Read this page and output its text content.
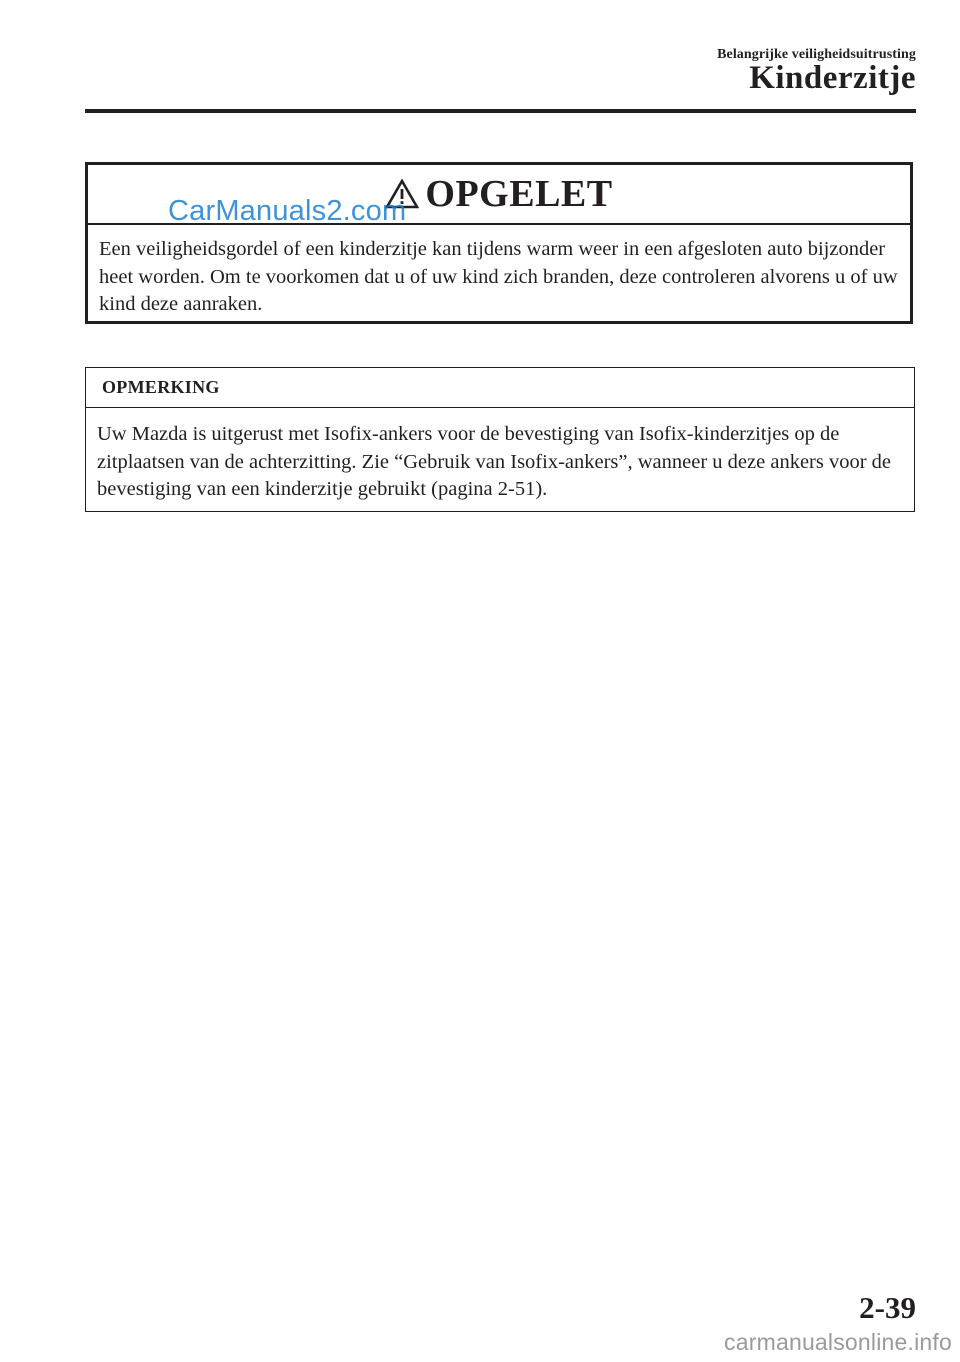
Belangrijke veiligheidsuitrusting
Kinderzitje
CarManuals2.com OPGELET
Een veiligheidsgordel of een kinderzitje kan tijdens warm weer in een afgesloten auto bijzonder heet worden. Om te voorkomen dat u of uw kind zich branden, deze controleren alvorens u of uw kind deze aanraken.
OPMERKING
Uw Mazda is uitgerust met Isofix-ankers voor de bevestiging van Isofix-kinderzitjes op de zitplaatsen van de achterzitting. Zie “Gebruik van Isofix-ankers”, wanneer u deze ankers voor de bevestiging van een kinderzitje gebruikt (pagina 2-51).
2-39
carmanualsonline.info
